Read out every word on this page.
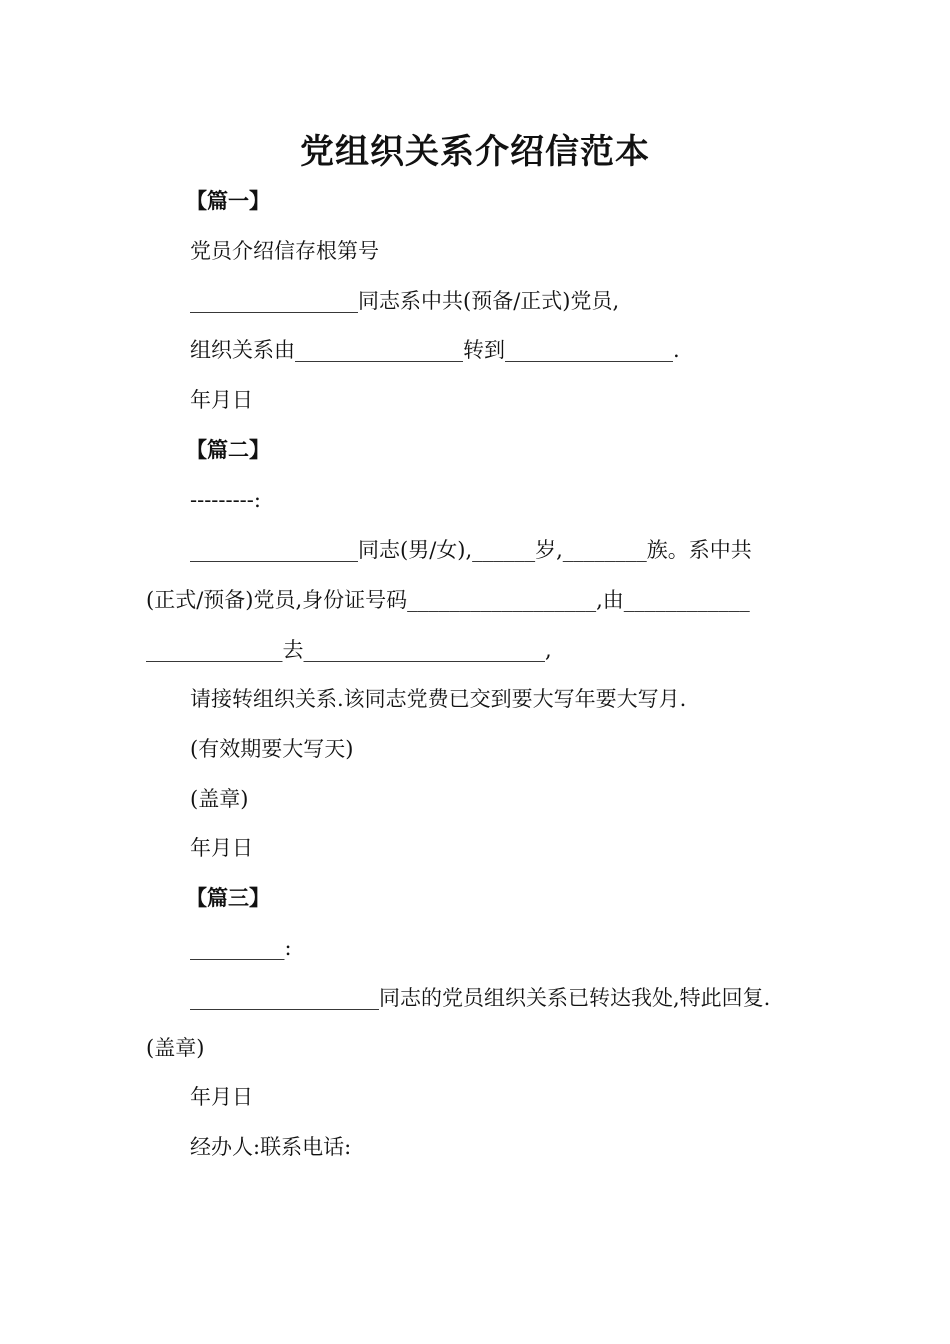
党组织关系介绍信范本
【篇一】
党员介绍信存根第号
________________同志系中共(预备/正式)党员,
组织关系由________________转到________________.
年月日
【篇二】
---------:
________________同志(男/女),______岁,________族。系中共
(正式/预备)党员,身份证号码__________________,由____________
_____________去_______________________,
请接转组织关系.该同志党费已交到要大写年要大写月.
(有效期要大写天)
(盖章)
年月日
【篇三】
_________:
__________________同志的党员组织关系已转达我处,特此回复.
(盖章)
年月日
经办人:联系电话:
